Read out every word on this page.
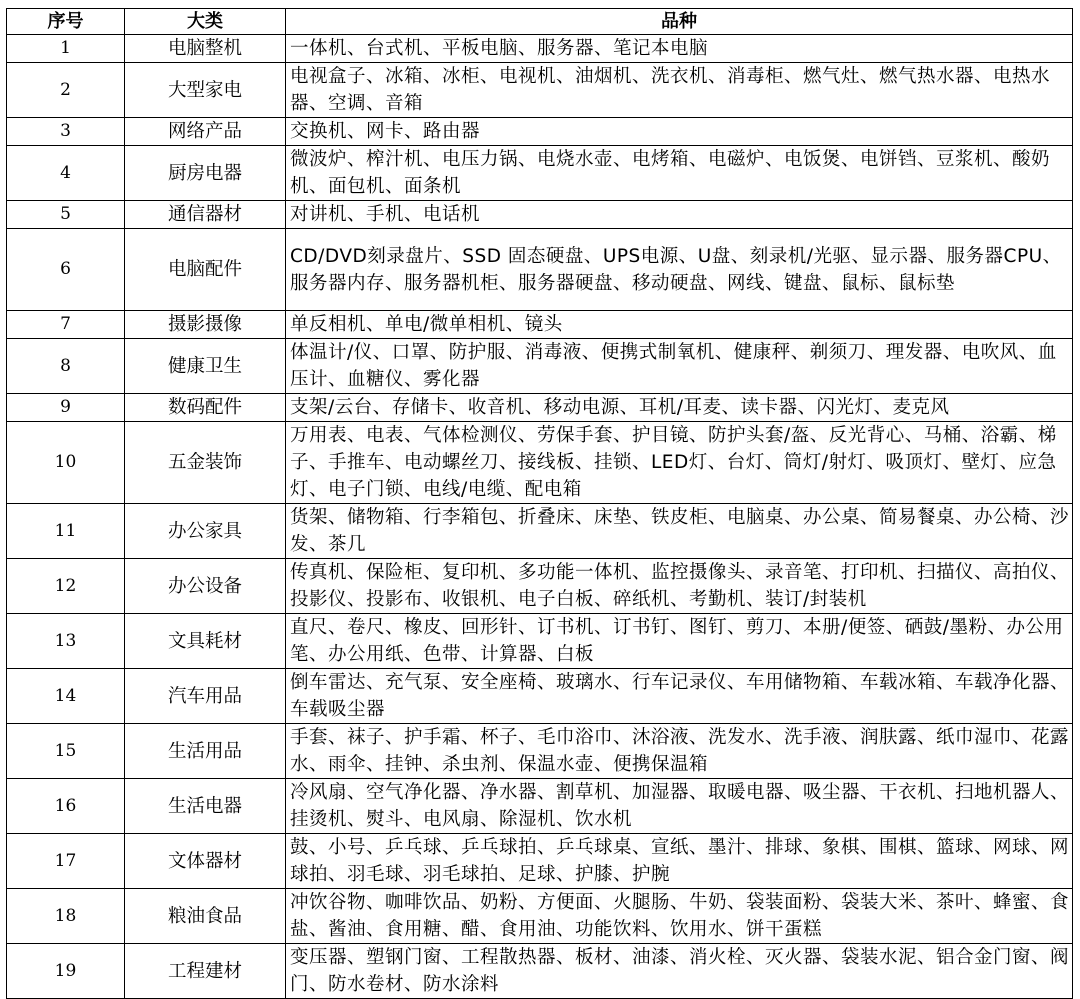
序号	大类	品种
1	电脑整机	一体机、台式机、平板电脑、服务器、笔记本电脑
2	大型家电	电视盒子、冰箱、冰柜、电视机、油烟机、洗衣机、消毒柜、燃气灶、燃气热水器、电热水器、空调、音箱
3	网络产品	交换机、网卡、路由器
4	厨房电器	微波炉、榨汁机、电压力锅、电烧水壶、电烤箱、电磁炉、电饭煲、电饼铛、豆浆机、酸奶机、面包机、面条机
5	通信器材	对讲机、手机、电话机
6	电脑配件	CD/DVD刻录盘片、SSD 固态硬盘、UPS电源、U盘、刻录机/光驱、显示器、服务器CPU、服务器内存、服务器机柜、服务器硬盘、移动硬盘、网线、键盘、鼠标、鼠标垫
7	摄影摄像	单反相机、单电/微单相机、镜头
8	健康卫生	体温计/仪、口罩、防护服、消毒液、便携式制氧机、健康秤、剃须刀、理发器、电吹风、血压计、血糖仪、雾化器
9	数码配件	支架/云台、存储卡、收音机、移动电源、耳机/耳麦、读卡器、闪光灯、麦克风
10	五金装饰	万用表、电表、气体检测仪、劳保手套、护目镜、防护头套/盔、反光背心、马桶、浴霸、梯子、手推车、电动螺丝刀、接线板、挂锁、LED灯、台灯、筒灯/射灯、吸顶灯、壁灯、应急灯、电子门锁、电线/电缆、配电箱
11	办公家具	货架、储物箱、行李箱包、折叠床、床垫、铁皮柜、电脑桌、办公桌、简易餐桌、办公椅、沙发、茶几
12	办公设备	传真机、保险柜、复印机、多功能一体机、监控摄像头、录音笔、打印机、扫描仪、高拍仪、投影仪、投影布、收银机、电子白板、碎纸机、考勤机、装订/封装机
13	文具耗材	直尺、卷尺、橡皮、回形针、订书机、订书钉、图钉、剪刀、本册/便签、硒鼓/墨粉、办公用笔、办公用纸、色带、计算器、白板
14	汽车用品	倒车雷达、充气泵、安全座椅、玻璃水、行车记录仪、车用储物箱、车载冰箱、车载净化器、车载吸尘器
15	生活用品	手套、袜子、护手霜、杯子、毛巾浴巾、沐浴液、洗发水、洗手液、润肤露、纸巾湿巾、花露水、雨伞、挂钟、杀虫剂、保温水壶、便携保温箱
16	生活电器	冷风扇、空气净化器、净水器、割草机、加湿器、取暖电器、吸尘器、干衣机、扫地机器人、挂烫机、熨斗、电风扇、除湿机、饮水机
17	文体器材	鼓、小号、乒乓球、乒乓球拍、乒乓球桌、宣纸、墨汁、排球、象棋、围棋、篮球、网球、网球拍、羽毛球、羽毛球拍、足球、护膝、护腕
18	粮油食品	冲饮谷物、咖啡饮品、奶粉、方便面、火腿肠、牛奶、袋装面粉、袋装大米、茶叶、蜂蜜、食盐、酱油、食用糖、醋、食用油、功能饮料、饮用水、饼干蛋糕
19	工程建材	变压器、塑钢门窗、工程散热器、板材、油漆、消火栓、灭火器、袋装水泥、铝合金门窗、阀门、防水卷材、防水涂料
